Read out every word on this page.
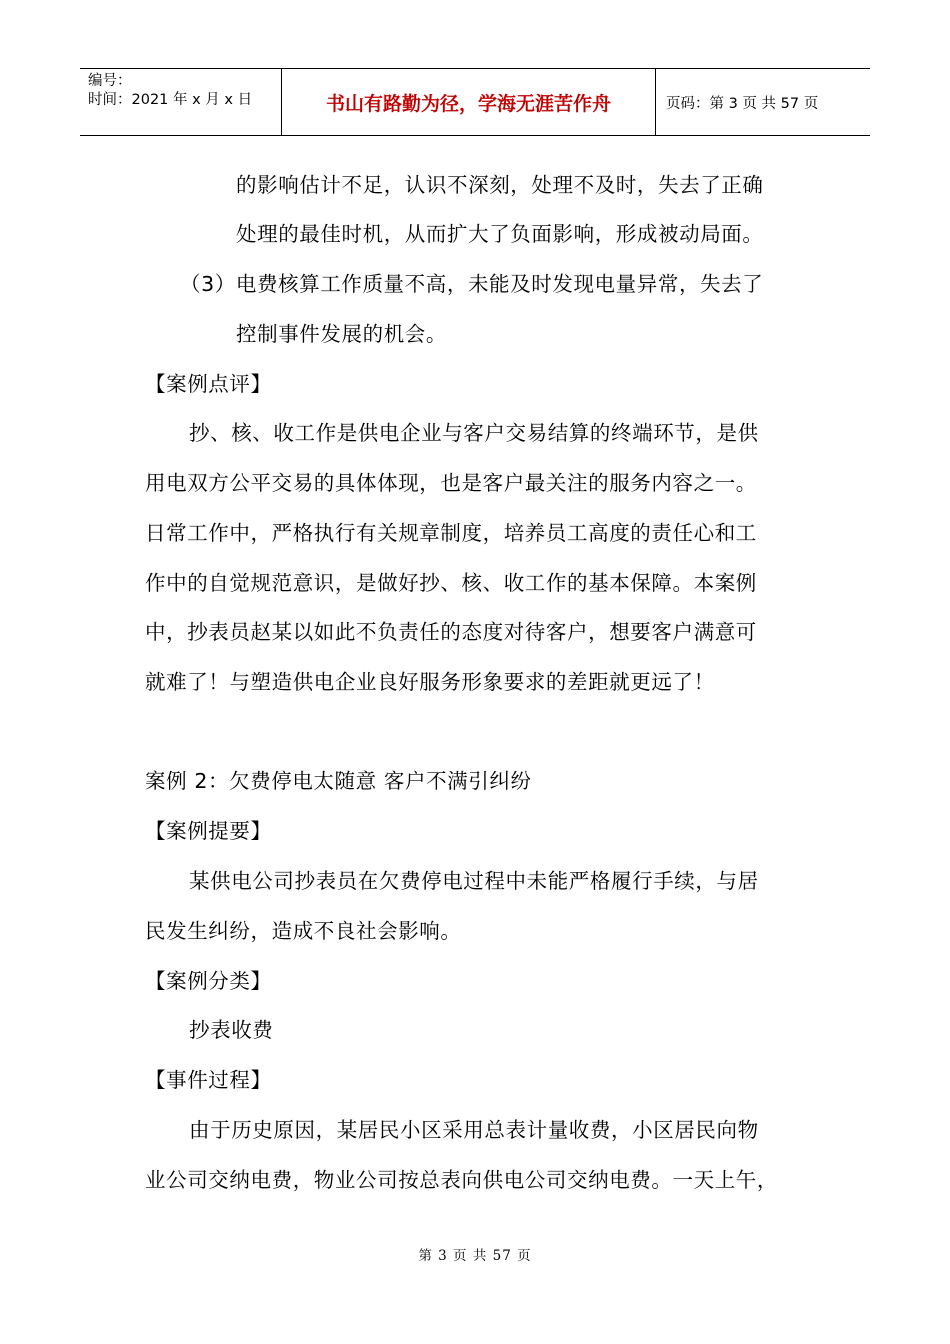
编号：
时间：2021 年 x 月 x 日	书山有路勤为径，学海无涯苦作舟	页码：第 3 页 共 57 页
的影响估计不足，认识不深刻，处理不及时，失去了正确
处理的最佳时机，从而扩大了负面影响，形成被动局面。
（3）电费核算工作质量不高，未能及时发现电量异常，失去了
控制事件发展的机会。
【案例点评】
抄、核、收工作是供电企业与客户交易结算的终端环节，是供
用电双方公平交易的具体体现，也是客户最关注的服务内容之一。
日常工作中，严格执行有关规章制度，培养员工高度的责任心和工
作中的自觉规范意识，是做好抄、核、收工作的基本保障。本案例
中，抄表员赵某以如此不负责任的态度对待客户，想要客户满意可
就难了！与塑造供电企业良好服务形象要求的差距就更远了！
案例 2：欠费停电太随意 客户不满引纠纷
【案例提要】
某供电公司抄表员在欠费停电过程中未能严格履行手续，与居
民发生纠纷，造成不良社会影响。
【案例分类】
抄表收费
【事件过程】
由于历史原因，某居民小区采用总表计量收费，小区居民向物
业公司交纳电费，物业公司按总表向供电公司交纳电费。一天上午，
第 3 页 共 57 页
